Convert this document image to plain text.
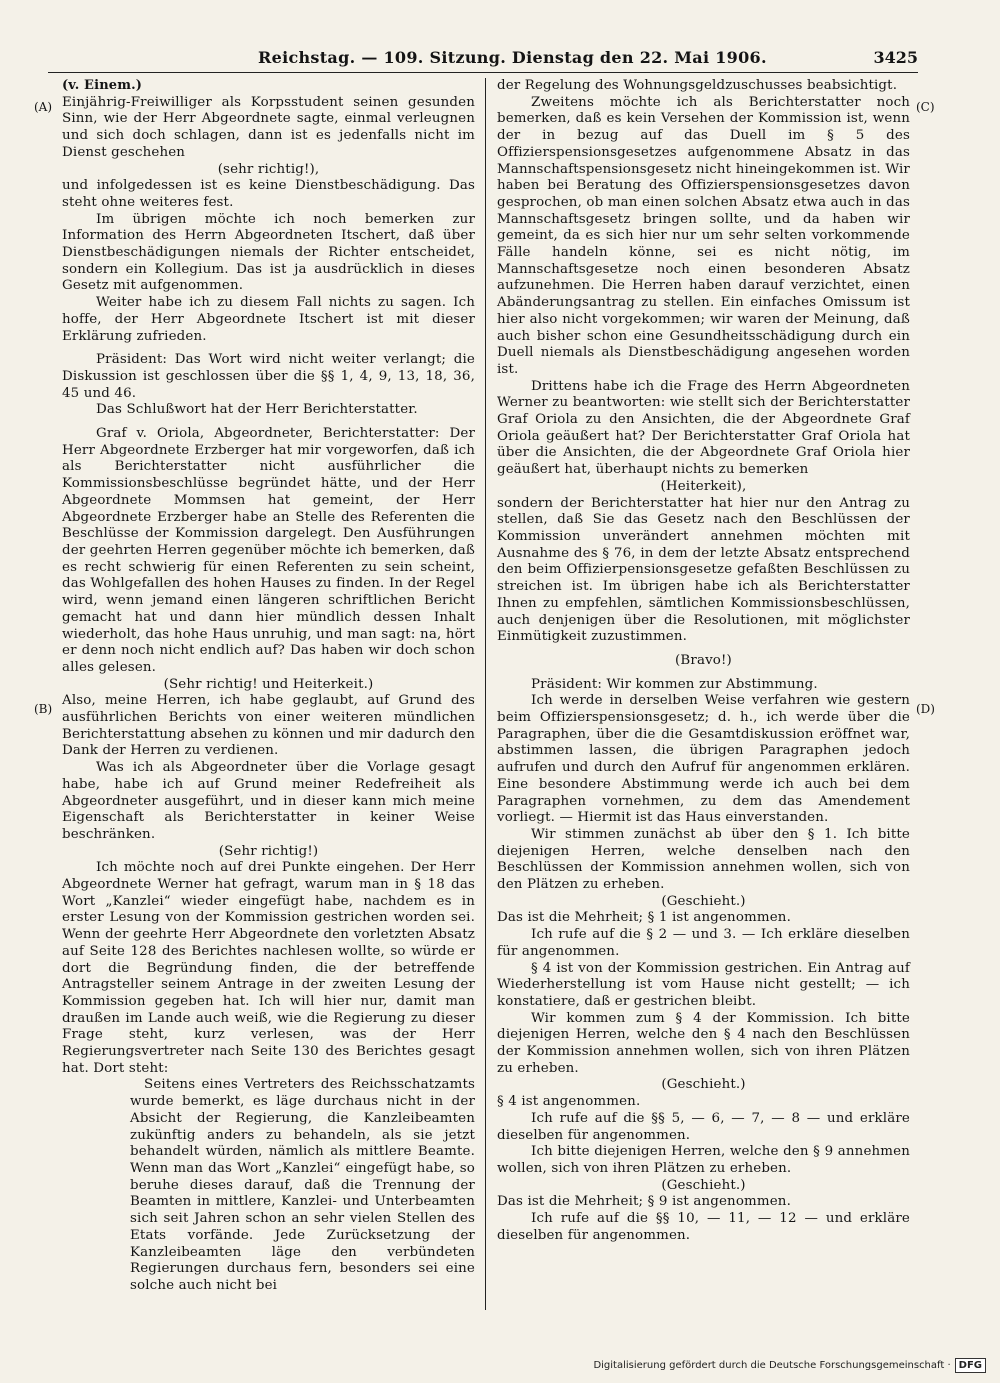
Reichstag. — 109. Sitzung. Dienstag den 22. Mai 1906.	3425
(A)
(B)
(C)
(D)

(v. Einem.)

Einjährig-Freiwilliger als Korpsstudent seinen gesunden Sinn, wie der Herr Abgeordnete sagte, einmal verleugnen und sich doch schlagen, dann ist es jedenfalls nicht im Dienst geschehen

(sehr richtig!),

und infolgedessen ist es keine Dienstbeschädigung. Das steht ohne weiteres fest.

Im übrigen möchte ich noch bemerken zur Information des Herrn Abgeordneten Itschert, daß über Dienstbeschädigungen niemals der Richter entscheidet, sondern ein Kollegium. Das ist ja ausdrücklich in dieses Gesetz mit aufgenommen.

Weiter habe ich zu diesem Fall nichts zu sagen. Ich hoffe, der Herr Abgeordnete Itschert ist mit dieser Erklärung zufrieden.

Präsident: Das Wort wird nicht weiter verlangt; die Diskussion ist geschlossen über die §§ 1, 4, 9, 13, 18, 36, 45 und 46.

Das Schlußwort hat der Herr Berichterstatter.

Graf v. Oriola, Abgeordneter, Berichterstatter: Der Herr Abgeordnete Erzberger hat mir vorgeworfen, daß ich als Berichterstatter nicht ausführlicher die Kommissionsbeschlüsse begründet hätte, und der Herr Abgeordnete Mommsen hat gemeint, der Herr Abgeordnete Erzberger habe an Stelle des Referenten die Beschlüsse der Kommission dargelegt. Den Ausführungen der geehrten Herren gegenüber möchte ich bemerken, daß es recht schwierig für einen Referenten zu sein scheint, das Wohlgefallen des hohen Hauses zu finden. In der Regel wird, wenn jemand einen längeren schriftlichen Bericht gemacht hat und dann hier mündlich dessen Inhalt wiederholt, das hohe Haus unruhig, und man sagt: na, hört er denn noch nicht endlich auf? Das haben wir doch schon alles gelesen.

(Sehr richtig! und Heiterkeit.)

Also, meine Herren, ich habe geglaubt, auf Grund des ausführlichen Berichts von einer weiteren mündlichen Berichterstattung absehen zu können und mir dadurch den Dank der Herren zu verdienen.

Was ich als Abgeordneter über die Vorlage gesagt habe, habe ich auf Grund meiner Redefreiheit als Abgeordneter ausgeführt, und in dieser kann mich meine Eigenschaft als Berichterstatter in keiner Weise beschränken.

(Sehr richtig!)

Ich möchte noch auf drei Punkte eingehen. Der Herr Abgeordnete Werner hat gefragt, warum man in § 18 das Wort „Kanzlei“ wieder eingefügt habe, nachdem es in erster Lesung von der Kommission gestrichen worden sei. Wenn der geehrte Herr Abgeordnete den vorletzten Absatz auf Seite 128 des Berichtes nachlesen wollte, so würde er dort die Begründung finden, die der betreffende Antragsteller seinem Antrage in der zweiten Lesung der Kommission gegeben hat. Ich will hier nur, damit man draußen im Lande auch weiß, wie die Regierung zu dieser Frage steht, kurz verlesen, was der Herr Regierungsvertreter nach Seite 130 des Berichtes gesagt hat. Dort steht:

Seitens eines Vertreters des Reichsschatzamts wurde bemerkt, es läge durchaus nicht in der Absicht der Regierung, die Kanzleibeamten zukünftig anders zu behandeln, als sie jetzt behandelt würden, nämlich als mittlere Beamte. Wenn man das Wort „Kanzlei“ eingefügt habe, so beruhe dieses darauf, daß die Trennung der Beamten in mittlere, Kanzlei- und Unterbeamten sich seit Jahren schon an sehr vielen Stellen des Etats vorfände. Jede Zurücksetzung der Kanzleibeamten läge den verbündeten Regierungen durchaus fern, besonders sei eine solche auch nicht bei

der Regelung des Wohnungsgeldzuschusses beabsichtigt.

Zweitens möchte ich als Berichterstatter noch bemerken, daß es kein Versehen der Kommission ist, wenn der in bezug auf das Duell im § 5 des Offizierspensionsgesetzes aufgenommene Absatz in das Mannschaftspensionsgesetz nicht hineingekommen ist. Wir haben bei Beratung des Offizierspensionsgesetzes davon gesprochen, ob man einen solchen Absatz etwa auch in das Mannschaftsgesetz bringen sollte, und da haben wir gemeint, da es sich hier nur um sehr selten vorkommende Fälle handeln könne, sei es nicht nötig, im Mannschaftsgesetze noch einen besonderen Absatz aufzunehmen. Die Herren haben darauf verzichtet, einen Abänderungsantrag zu stellen. Ein einfaches Omissum ist hier also nicht vorgekommen; wir waren der Meinung, daß auch bisher schon eine Gesundheitsschädigung durch ein Duell niemals als Dienstbeschädigung angesehen worden ist.

Drittens habe ich die Frage des Herrn Abgeordneten Werner zu beantworten: wie stellt sich der Berichterstatter Graf Oriola zu den Ansichten, die der Abgeordnete Graf Oriola geäußert hat? Der Berichterstatter Graf Oriola hat über die Ansichten, die der Abgeordnete Graf Oriola hier geäußert hat, überhaupt nichts zu bemerken

(Heiterkeit),

sondern der Berichterstatter hat hier nur den Antrag zu stellen, daß Sie das Gesetz nach den Beschlüssen der Kommission unverändert annehmen möchten mit Ausnahme des § 76, in dem der letzte Absatz entsprechend den beim Offizierpensionsgesetze gefaßten Beschlüssen zu streichen ist. Im übrigen habe ich als Berichterstatter Ihnen zu empfehlen, sämtlichen Kommissionsbeschlüssen, auch denjenigen über die Resolutionen, mit möglichster Einmütigkeit zuzustimmen.

(Bravo!)

Präsident: Wir kommen zur Abstimmung.

Ich werde in derselben Weise verfahren wie gestern beim Offizierspensionsgesetz; d. h., ich werde über die Paragraphen, über die die Gesamtdiskussion eröffnet war, abstimmen lassen, die übrigen Paragraphen jedoch aufrufen und durch den Aufruf für angenommen erklären. Eine besondere Abstimmung werde ich auch bei dem Paragraphen vornehmen, zu dem das Amendement vorliegt. — Hiermit ist das Haus einverstanden.

Wir stimmen zunächst ab über den § 1. Ich bitte diejenigen Herren, welche denselben nach den Beschlüssen der Kommission annehmen wollen, sich von den Plätzen zu erheben.

(Geschieht.)

Das ist die Mehrheit; § 1 ist angenommen.

Ich rufe auf die § 2 — und 3. — Ich erkläre dieselben für angenommen.

§ 4 ist von der Kommission gestrichen. Ein Antrag auf Wiederherstellung ist vom Hause nicht gestellt; — ich konstatiere, daß er gestrichen bleibt.

Wir kommen zum § 4 der Kommission. Ich bitte diejenigen Herren, welche den § 4 nach den Beschlüssen der Kommission annehmen wollen, sich von ihren Plätzen zu erheben.

(Geschieht.)

§ 4 ist angenommen.

Ich rufe auf die §§ 5, — 6, — 7, — 8 — und erkläre dieselben für angenommen.

Ich bitte diejenigen Herren, welche den § 9 annehmen wollen, sich von ihren Plätzen zu erheben.

(Geschieht.)

Das ist die Mehrheit; § 9 ist angenommen.

Ich rufe auf die §§ 10, — 11, — 12 — und erkläre dieselben für angenommen.

Digitalisierung gefördert durch die Deutsche Forschungsgemeinschaft · DFG
